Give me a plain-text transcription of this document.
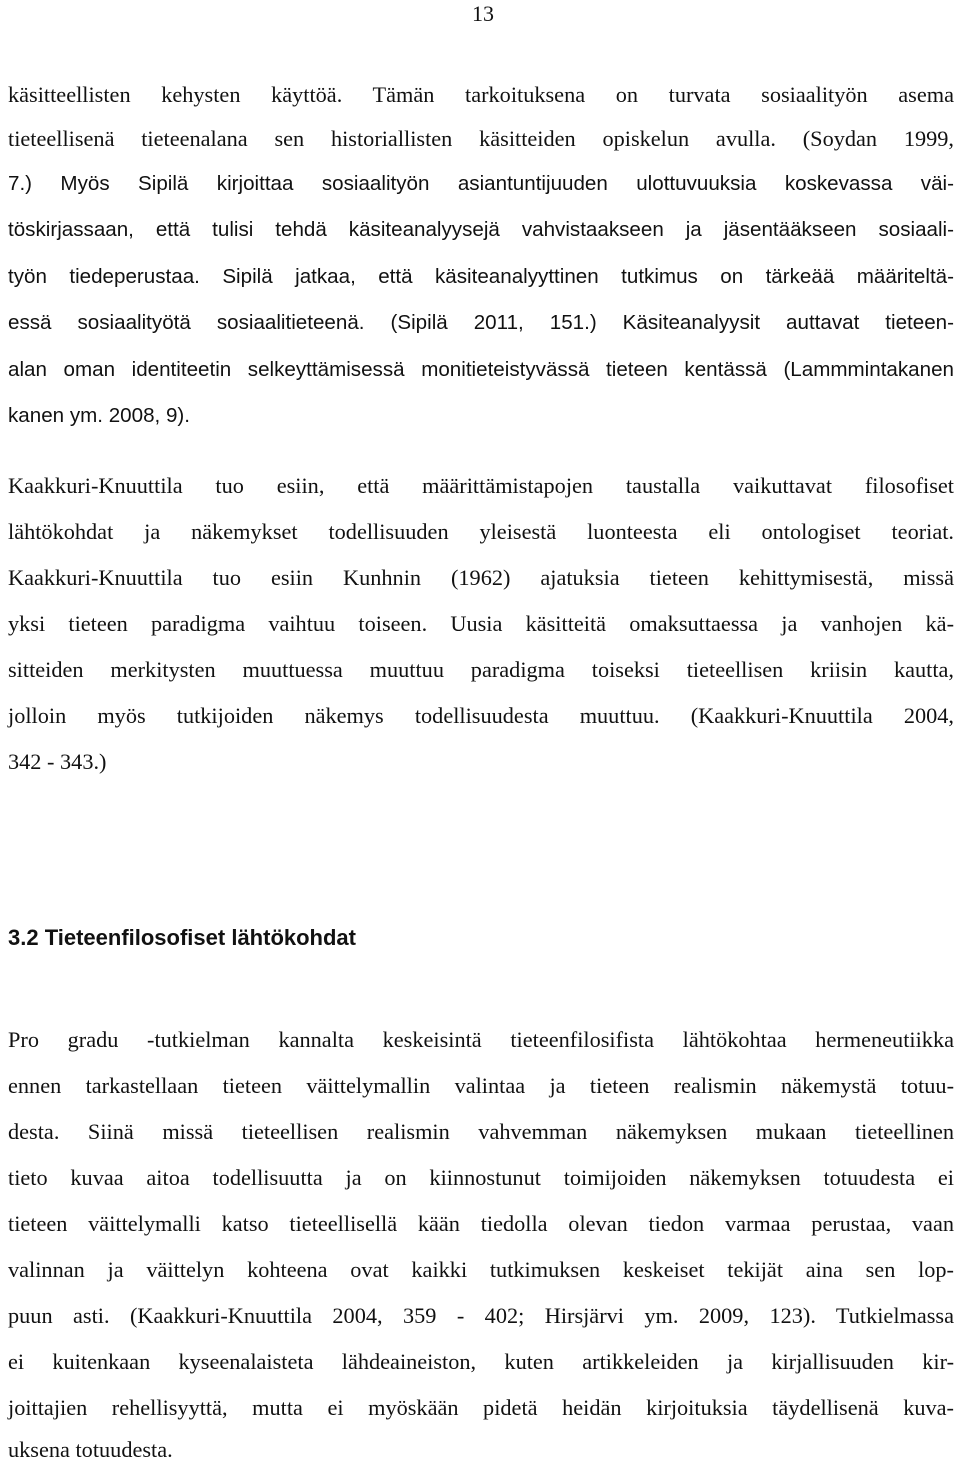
13
käsitteellisten kehysten käyttöä. Tämän tarkoituksena on turvata sosiaalityön asema
tieteellisenä tieteenalana sen historiallisten käsitteiden opiskelun avulla. (Soydan 1999,
7.) Myös Sipilä kirjoittaa sosiaalityön asiantuntijuuden ulottuvuuksia koskevassa väi-
töskirjassaan, että tulisi tehdä käsiteanalyysejä vahvistaakseen ja jäsentääkseen sosiaali-
työn tiedeperustaa. Sipilä jatkaa, että käsiteanalyyttinen tutkimus on tärkeää määriteltä-
essä sosiaalityötä sosiaalitieteenä. (Sipilä 2011, 151.) Käsiteanalyysit auttavat tieteen-
alan oman identiteetin selkeyttämisessä monitieteistyvässä tieteen kentässä (Lammmintakanen
kanen ym. 2008, 9).
Kaakkuri-Knuuttila tuo esiin, että määrittämistapojen taustalla vaikuttavat filosofiset
lähtökohdat ja näkemykset todellisuuden yleisestä luonteesta eli ontologiset teoriat.
Kaakkuri-Knuuttila tuo esiin Kunhnin (1962) ajatuksia tieteen kehittymisestä, missä
yksi tieteen paradigma vaihtuu toiseen. Uusia käsitteitä omaksuttaessa ja vanhojen kä-
sitteiden merkitysten muuttuessa muuttuu paradigma toiseksi tieteellisen kriisin kautta,
jolloin myös tutkijoiden näkemys todellisuudesta muuttuu. (Kaakkuri-Knuuttila 2004,
342 - 343.)
3.2 Tieteenfilosofiset lähtökohdat
Pro gradu -tutkielman kannalta keskeisintä tieteenfilosifista lähtökohtaa hermeneutiikka
ennen tarkastellaan tieteen väittelymallin valintaa ja tieteen realismin näkemystä totuu-
desta. Siinä missä tieteellisen realismin vahvemman näkemyksen mukaan tieteellinen
tieto kuvaa aitoa todellisuutta ja on kiinnostunut toimijoiden näkemyksen totuudesta ei
tieteen väittelymalli katso tieteellisellä kään tiedolla olevan tiedon varmaa perustaa, vaan
valinnan ja väittelyn kohteena ovat kaikki tutkimuksen keskeiset tekijät aina sen lop-
puun asti. (Kaakkuri-Knuuttila 2004, 359 - 402; Hirsjärvi ym. 2009, 123). Tutkielmassa
ei kuitenkaan kyseenalaisteta lähdeaineiston, kuten artikkeleiden ja kirjallisuuden kir-
joittajien rehellisyyttä, mutta ei myöskään pidetä heidän kirjoituksia täydellisenä kuva-
uksena totuudesta.
